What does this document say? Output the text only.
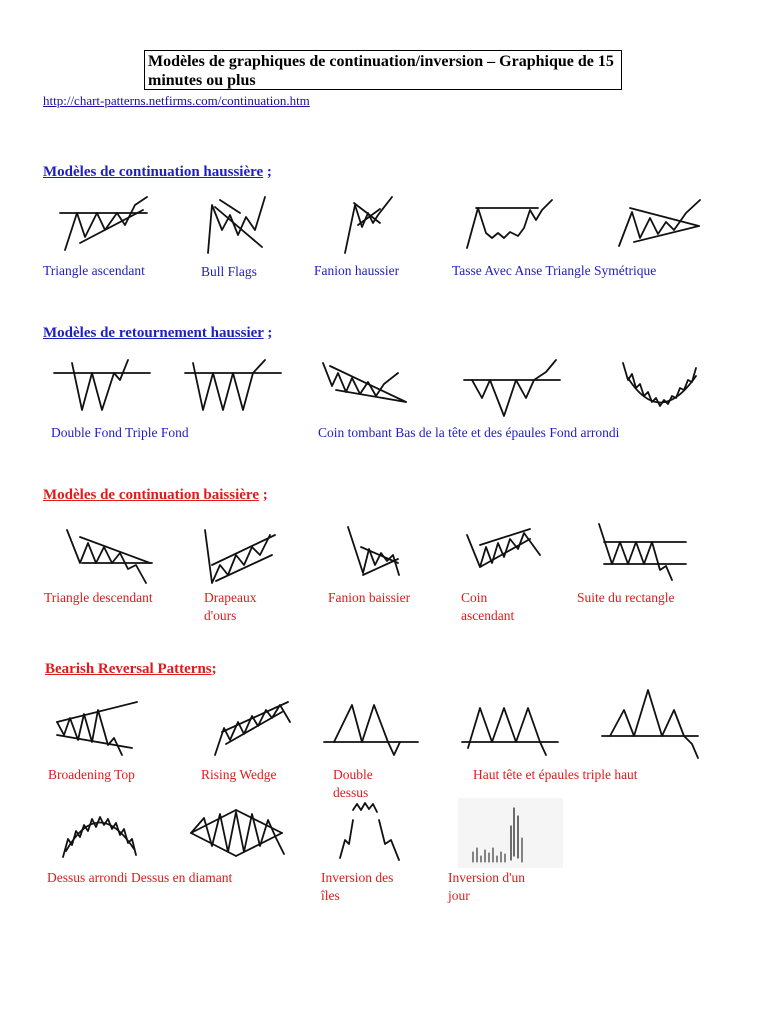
Modèles de graphiques de continuation/inversion – Graphique de 15 minutes ou plus
http://chart-patterns.netfirms.com/continuation.htm
Modèles de continuation haussière ;
Triangle ascendant	Bull Flags	Fanion haussier	Tasse Avec Anse Triangle Symétrique
Modèles de retournement haussier ;
Double Fond Triple Fond	Coin tombant Bas de la tête et des épaules Fond arrondi
Modèles de continuation baissière ;
Triangle descendant	Drapeaux
d'ours
Fanion baissier	Coin
ascendant
Suite du rectangle
Bearish Reversal Patterns;
Broadening Top	Rising Wedge	Double
dessus
Haut tête et épaules triple haut
Dessus arrondi Dessus en diamant	Inversion des
îles
Inversion d'un
jour
